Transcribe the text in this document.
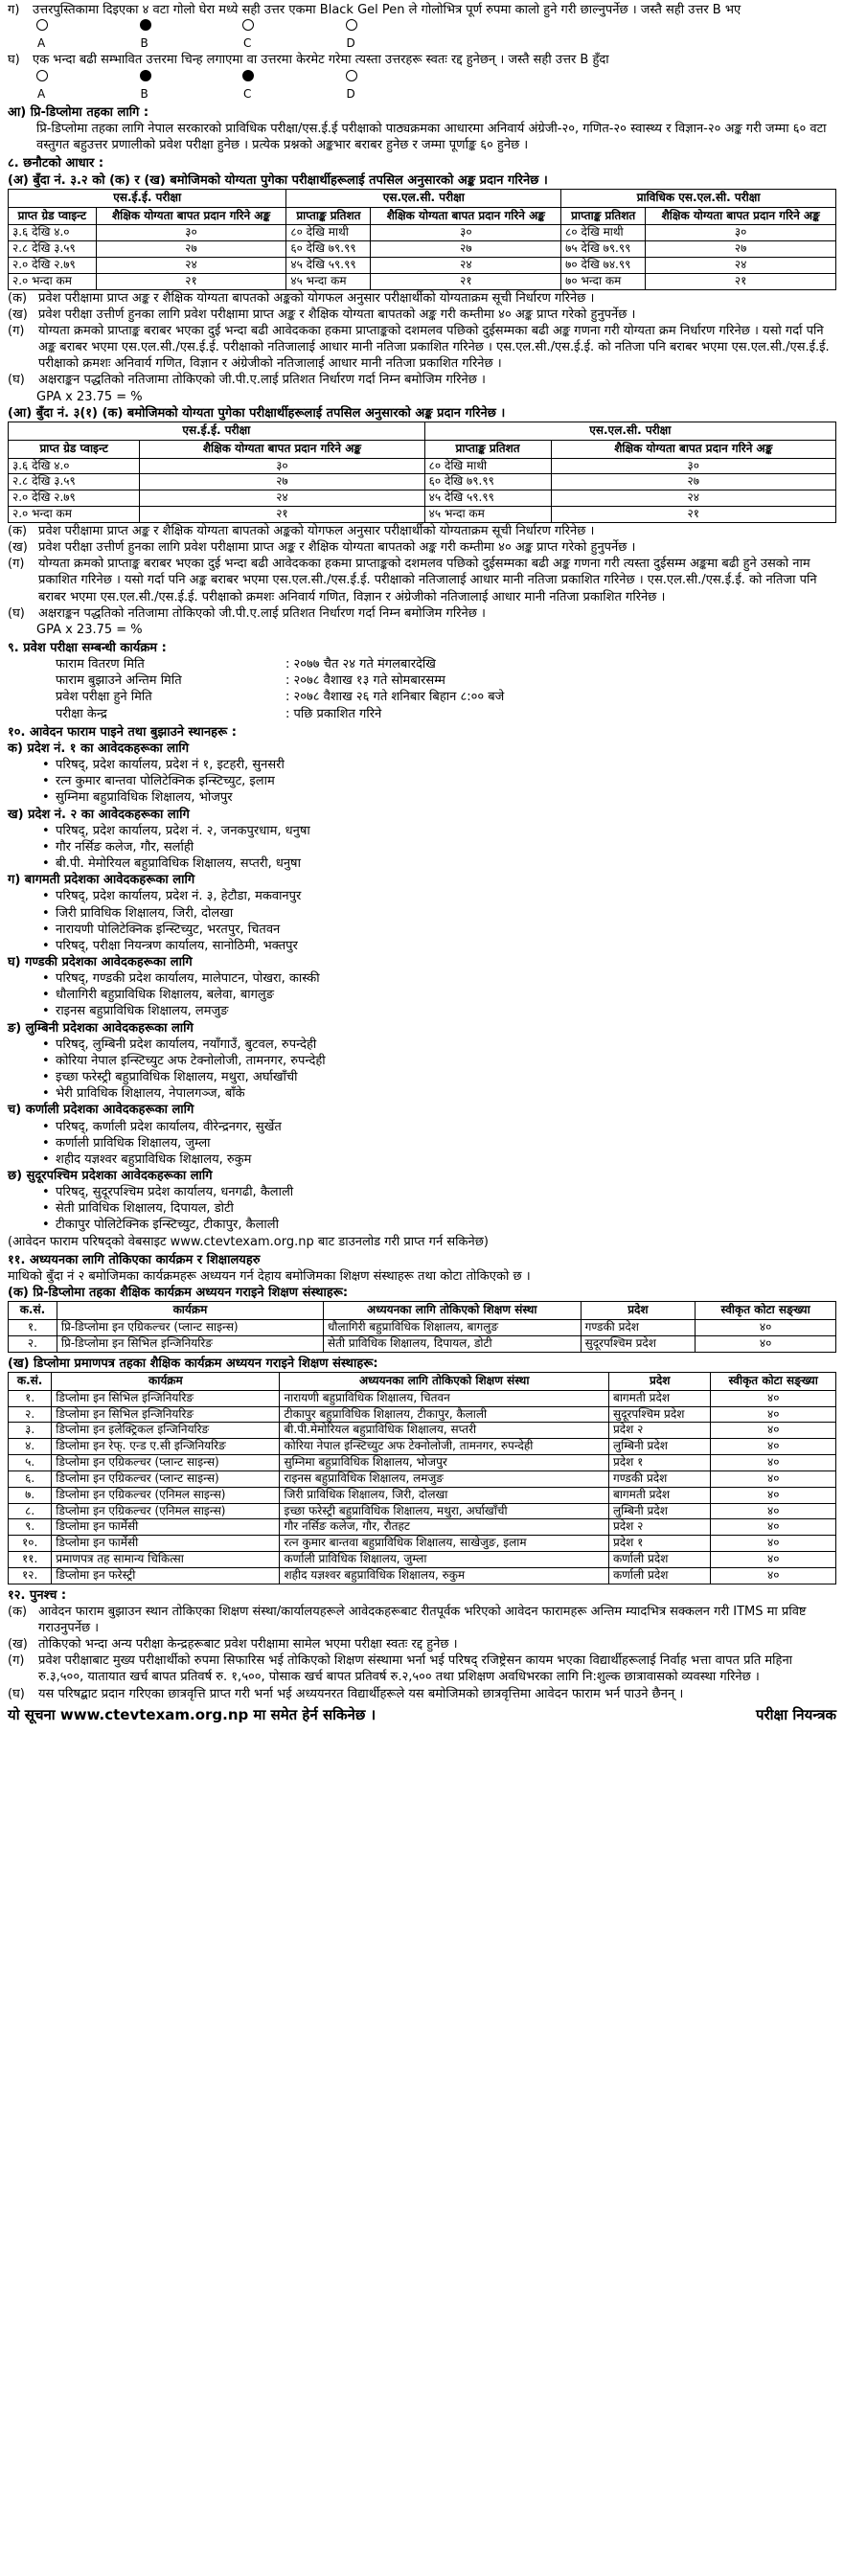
ग)	उत्तरपुस्तिकामा दिइएका ४ वटा गोलो घेरा मध्ये सही उत्तर एकमा Black Gel Pen ले गोलोभित्र पूर्ण रुपमा कालो हुने गरी छाल्नुपर्नेछ । जस्तै सही उत्तर B भए

A	B	C	D
घ)	एक भन्दा बढी सम्भावित उत्तरमा चिन्ह लगाएमा वा उत्तरमा केरमेट गरेमा त्यस्ता उत्तरहरू स्वतः रद्द हुनेछन् । जस्तै सही उत्तर B हुँदा

A	B	C	D

आ) प्रि-डिप्लोमा तहका लागि :

प्रि-डिप्लोमा तहका लागि नेपाल सरकारको प्राविधिक परीक्षा/एस.ई.ई परीक्षाको पाठ्यक्रमका आधारमा अनिवार्य अंग्रेजी-२०, गणित-२० स्वास्थ्य र विज्ञान-२० अङ्क गरी जम्मा ६० वटा वस्तुगत बहुउत्तर प्रणालीको प्रवेश परीक्षा हुनेछ । प्रत्येक प्रश्नको अङ्कभार बराबर हुनेछ र जम्मा पूर्णाङ्क ६० हुनेछ ।

८. छनौटको आधार :

(अ) बुँदा नं. ३.२ को (क) र (ख) बमोजिमको योग्यता पुगेका परीक्षार्थीहरूलाई तपसिल अनुसारको अङ्क प्रदान गरिनेछ ।

एस.ई.ई. परीक्षा		एस.एल.सी. परीक्षा		प्राविधिक एस.एल.सी. परीक्षा	
प्राप्त ग्रेड प्वाइन्ट	शैक्षिक योग्यता बापत प्रदान गरिने अङ्क	प्राप्ताङ्क प्रतिशत	शैक्षिक योग्यता बापत प्रदान गरिने अङ्क	प्राप्ताङ्क प्रतिशत	शैक्षिक योग्यता बापत प्रदान गरिने अङ्क
३.६ देखि ४.०	३०	८० देखि माथी	३०	८० देखि माथी	३०
२.८ देखि ३.५९	२७	६० देखि ७९.९९	२७	७५ देखि ७९.९९	२७
२.० देखि २.७९	२४	४५ देखि ५९.९९	२४	७० देखि ७४.९९	२४
२.० भन्दा कम	२१	४५ भन्दा कम	२१	७० भन्दा कम	२१
(क) प्रवेश परीक्षामा प्राप्त अङ्क र शैक्षिक योग्यता बापतको अङ्कको योगफल अनुसार परीक्षार्थीको योग्यताक्रम सूची निर्धारण गरिनेछ ।
(ख) प्रवेश परीक्षा उत्तीर्ण हुनका लागि प्रवेश परीक्षामा प्राप्त अङ्क र शैक्षिक योग्यता बापतको अङ्क गरी कम्तीमा ४० अङ्क प्राप्त गरेको हुनुपर्नेछ ।
(ग)	योग्यता क्रमको प्राप्ताङ्क बराबर भएका दुई भन्दा बढी आवेदकका हकमा प्राप्ताङ्कको दशमलव पछिको दुईसम्मका बढी अङ्क गणना गरी योग्यता क्रम निर्धारण गरिनेछ । यसो गर्दा पनि अङ्क बराबर भएमा एस.एल.सी./एस.ई.ई. परीक्षाको नतिजालाई आधार मानी नतिजा प्रकाशित गरिनेछ । एस.एल.सी./एस.ई.ई. को नतिजा पनि बराबर भएमा एस.एल.सी./एस.ई.ई. परीक्षाको क्रमशः अनिवार्य गणित, विज्ञान र अंग्रेजीको नतिजालाई आधार मानी नतिजा प्रकाशित गरिनेछ ।
(घ)	अक्षराङ्कन पद्धतिको नतिजामा तोकिएको जी.पी.ए.लाई प्रतिशत निर्धारण गर्दा निम्न बमोजिम गरिनेछ ।

GPA x 23.75 = %

(आ) बुँदा नं. ३(१) (क) बमोजिमको योग्यता पुगेका परीक्षार्थीहरूलाई तपसिल अनुसारको अङ्क प्रदान गरिनेछ ।

एस.ई.ई. परीक्षा		एस.एल.सी. परीक्षा	
प्राप्त ग्रेड प्वाइन्ट	शैक्षिक योग्यता बापत प्रदान गरिने अङ्क	प्राप्ताङ्क प्रतिशत	शैक्षिक योग्यता बापत प्रदान गरिने अङ्क
३.६ देखि ४.०	३०	८० देखि माथी	३०
२.८ देखि ३.५९	२७	६० देखि ७९.९९	२७
२.० देखि २.७९	२४	४५ देखि ५९.९९	२४
२.० भन्दा कम	२१	४५ भन्दा कम	२१
(क) प्रवेश परीक्षामा प्राप्त अङ्क र शैक्षिक योग्यता बापतको अङ्कको योगफल अनुसार परीक्षार्थीको योग्यताक्रम सूची निर्धारण गरिनेछ ।
(ख) प्रवेश परीक्षा उत्तीर्ण हुनका लागि प्रवेश परीक्षामा प्राप्त अङ्क र शैक्षिक योग्यता बापतको अङ्क गरी कम्तीमा ४० अङ्क प्राप्त गरेको हुनुपर्नेछ ।
(ग)	योग्यता क्रमको प्राप्ताङ्क बराबर भएका दुई भन्दा बढी आवेदकका हकमा प्राप्ताङ्कको दशमलव पछिको दुईसम्मका बढी अङ्क गणना गरी त्यस्ता दुईसम्म अङ्कमा बढी हुने उसको नाम प्रकाशित गरिनेछ । यसो गर्दा पनि अङ्क बराबर भएमा एस.एल.सी./एस.ई.ई. परीक्षाको नतिजालाई आधार मानी नतिजा प्रकाशित गरिनेछ । एस.एल.सी./एस.ई.ई. को नतिजा पनि बराबर भएमा एस.एल.सी./एस.ई.ई. परीक्षाको क्रमशः अनिवार्य गणित, विज्ञान र अंग्रेजीको नतिजालाई आधार मानी नतिजा प्रकाशित गरिनेछ ।
(घ)	अक्षराङ्कन पद्धतिको नतिजामा तोकिएको जी.पी.ए.लाई प्रतिशत निर्धारण गर्दा निम्न बमोजिम गरिनेछ ।

GPA x 23.75 = %

९. प्रवेश परीक्षा सम्बन्धी कार्यक्रम :

फाराम वितरण मिति	: २०७७ चैत २४ गते मंगलबारदेखि
फाराम बुझाउने अन्तिम मिति	: २०७८ वैशाख १३ गते सोमबारसम्म
प्रवेश परीक्षा हुने मिति	: २०७८ वैशाख २६ गते शनिबार बिहान ८:०० बजे
परीक्षा केन्द्र	: पछि प्रकाशित गरिने

१०. आवेदन फाराम पाइने तथा बुझाउने स्थानहरू :

क) प्रदेश नं. १ का आवेदकहरूका लागि

• परिषद्, प्रदेश कार्यालय, प्रदेश नं १, इटहरी, सुनसरी
• रत्न कुमार बान्तवा पोलिटेक्निक इन्स्टिच्युट, इलाम
• सुम्निमा बहुप्राविधिक शिक्षालय, भोजपुर

ख) प्रदेश नं. २ का आवेदकहरूका लागि

• परिषद्, प्रदेश कार्यालय, प्रदेश नं. २, जनकपुरधाम, धनुषा
• गौर नर्सिङ कलेज, गौर, सर्लाही
• बी.पी. मेमोरियल बहुप्राविधिक शिक्षालय, सप्तरी, धनुषा

ग) बागमती प्रदेशका आवेदकहरूका लागि

• परिषद्, प्रदेश कार्यालय, प्रदेश नं. ३, हेटौडा, मकवानपुर
• जिरी प्राविधिक शिक्षालय, जिरी, दोलखा
• नारायणी पोलिटेक्निक इन्स्टिच्युट, भरतपुर, चितवन
• परिषद्, परीक्षा नियन्त्रण कार्यालय, सानोठिमी, भक्तपुर

घ) गण्डकी प्रदेशका आवेदकहरूका लागि

• परिषद्, गण्डकी प्रदेश कार्यालय, मालेपाटन, पोखरा, कास्की
• धौलागिरी बहुप्राविधिक शिक्षालय, बलेवा, बागलुङ
• राइनस बहुप्राविधिक शिक्षालय, लमजुङ

ङ) लुम्बिनी प्रदेशका आवेदकहरूका लागि

• परिषद्, लुम्बिनी प्रदेश कार्यालय, नयाँगाउँ, बुटवल, रुपन्देही
• कोरिया नेपाल इन्स्टिच्युट अफ टेक्नोलोजी, तामनगर, रुपन्देही
• इच्छा फरेस्ट्री बहुप्राविधिक शिक्षालय, मथुरा, अर्घाखाँची
• भेरी प्राविधिक शिक्षालय, नेपालगञ्ज, बाँके

च) कर्णाली प्रदेशका आवेदकहरूका लागि

• परिषद्, कर्णाली प्रदेश कार्यालय, वीरेन्द्रनगर, सुर्खेत
• कर्णाली प्राविधिक शिक्षालय, जुम्ला
• शहीद यज्ञश्वर बहुप्राविधिक शिक्षालय, रुकुम

छ) सुदूरपश्चिम प्रदेशका आवेदकहरूका लागि

• परिषद्, सुदूरपश्चिम प्रदेश कार्यालय, धनगढी, कैलाली
• सेती प्राविधिक शिक्षालय, दिपायल, डोटी
• टीकापुर पोलिटेक्निक इन्स्टिच्युट, टीकापुर, कैलाली

(आवेदन फाराम परिषद्को वेबसाइट www.ctevtexam.org.np बाट डाउनलोड गरी प्राप्त गर्न सकिनेछ)

११. अध्ययनका लागि तोकिएका कार्यक्रम र शिक्षालयहरु

माथिको बुँदा नं २ बमोजिमका कार्यक्रमहरू अध्ययन गर्न देहाय बमोजिमका शिक्षण संस्थाहरू तथा कोटा तोकिएको छ ।

(क) प्रि-डिप्लोमा तहका शैक्षिक कार्यक्रम अध्ययन गराइने शिक्षण संस्थाहरू:

क.सं.	कार्यक्रम	अध्ययनका लागि तोकिएको शिक्षण संस्था	प्रदेश	स्वीकृत कोटा सङ्ख्या
१.	प्रि-डिप्लोमा इन एग्रिकल्चर (प्लान्ट साइन्स)	धौलागिरी बहुप्राविधिक शिक्षालय, बागलुङ	गण्डकी प्रदेश	४०
२.	प्रि-डिप्लोमा इन सिभिल इन्जिनियरिङ	सेती प्राविधिक शिक्षालय, दिपायल, डोटी	सुदूरपश्चिम प्रदेश	४०

(ख) डिप्लोमा प्रमाणपत्र तहका शैक्षिक कार्यक्रम अध्ययन गराइने शिक्षण संस्थाहरू:

क.सं.	कार्यक्रम	अध्ययनका लागि तोकिएको शिक्षण संस्था	प्रदेश	स्वीकृत कोटा सङ्ख्या
१.	डिप्लोमा इन सिभिल इन्जिनियरिङ	नारायणी बहुप्राविधिक शिक्षालय, चितवन	बागमती प्रदेश	४०
२.	डिप्लोमा इन सिभिल इन्जिनियरिङ	टीकापुर बहुप्राविधिक शिक्षालय, टीकापुर, कैलाली	सुदूरपश्चिम प्रदेश	४०
३.	डिप्लोमा इन इलेक्ट्रिकल इन्जिनियरिङ	बी.पी.मेमोरियल बहुप्राविधिक शिक्षालय, सप्तरी	प्रदेश २	४०
४.	डिप्लोमा इन रेफ्. एन्ड ए.सी इन्जिनियरिङ	कोरिया नेपाल इन्स्टिच्युट अफ टेक्नोलोजी, तामनगर, रुपन्देही	लुम्बिनी प्रदेश	४०
५.	डिप्लोमा इन एग्रिकल्चर (प्लान्ट साइन्स)	सुम्निमा बहुप्राविधिक शिक्षालय, भोजपुर	प्रदेश १	४०
६.	डिप्लोमा इन एग्रिकल्चर (प्लान्ट साइन्स)	राइनस बहुप्राविधिक शिक्षालय, लमजुङ	गण्डकी प्रदेश	४०
७.	डिप्लोमा इन एग्रिकल्चर (एनिमल साइन्स)	जिरी प्राविधिक शिक्षालय, जिरी, दोलखा	बागमती प्रदेश	४०
८.	डिप्लोमा इन एग्रिकल्चर (एनिमल साइन्स)	इच्छा फरेस्ट्री बहुप्राविधिक शिक्षालय, मथुरा, अर्घाखाँची	लुम्बिनी प्रदेश	४०
९.	डिप्लोमा इन फार्मेसी	गौर नर्सिङ कलेज, गौर, रौतहट	प्रदेश २	४०
१०.	डिप्लोमा इन फार्मेसी	रत्न कुमार बान्तवा बहुप्राविधिक शिक्षालय, साखेजुङ, इलाम	प्रदेश १	४०
११.	प्रमाणपत्र तह सामान्य चिकित्सा	कर्णाली प्राविधिक शिक्षालय, जुम्ला	कर्णाली प्रदेश	४०
१२.	डिप्लोमा इन फरेस्ट्री	शहीद यज्ञश्वर बहुप्राविधिक शिक्षालय, रुकुम	कर्णाली प्रदेश	४०

१२. पुनश्च :

(क) आवेदन फाराम बुझाउन स्थान तोकिएका शिक्षण संस्था/कार्यालयहरूले आवेदकहरूबाट रीतपूर्वक भरिएको आवेदन फारामहरू अन्तिम म्यादभित्र सक्कलन गरी ITMS मा प्रविष्ट गराउनुपर्नेछ ।
(ख) तोकिएको भन्दा अन्य परीक्षा केन्द्रहरूबाट प्रवेश परीक्षामा सामेल भएमा परीक्षा स्वतः रद्द हुनेछ ।
(ग)	प्रवेश परीक्षाबाट मुख्य परीक्षार्थीको रुपमा सिफारिस भई तोकिएको शिक्षण संस्थामा भर्ना भई परिषद् रजिष्ट्रेसन कायम भएका विद्यार्थीहरूलाई निर्वाह भत्ता वापत प्रति महिना रु.३,५००, यातायात खर्च बापत प्रतिवर्ष रु. १,५००, पोसाक खर्च बापत प्रतिवर्ष रु.२,५०० तथा प्रशिक्षण अवधिभरका लागि नि:शुल्क छात्रावासको व्यवस्था गरिनेछ ।
(घ)	यस परिषद्बाट प्रदान गरिएका छात्रवृत्ति प्राप्त गरी भर्ना भई अध्ययनरत विद्यार्थीहरूले यस बमोजिमको छात्रवृत्तिमा आवेदन फाराम भर्न पाउने छैनन् ।
यो सूचना www.ctevtexam.org.np मा समेत हेर्न सकिनेछ ।	परीक्षा नियन्त्रक
